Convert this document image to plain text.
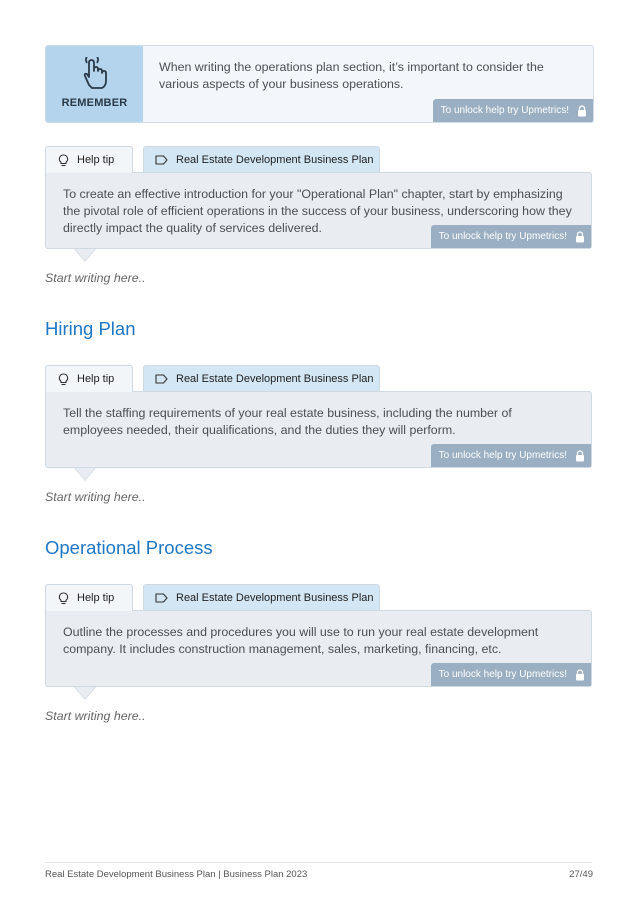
REMEMBER
When writing the operations plan section, it’s important to consider the various aspects of your business operations.
To unlock help try Upmetrics!
Help tip	Real Estate Development Business Plan
To create an effective introduction for your "Operational Plan" chapter, start by emphasizing the pivotal role of efficient operations in the success of your business, underscoring how they directly impact the quality of services delivered.
To unlock help try Upmetrics!
Start writing here..
Hiring Plan
Help tip	Real Estate Development Business Plan
Tell the staffing requirements of your real estate business, including the number of employees needed, their qualifications, and the duties they will perform.
To unlock help try Upmetrics!
Start writing here..
Operational Process
Help tip	Real Estate Development Business Plan
Outline the processes and procedures you will use to run your real estate development company. It includes construction management, sales, marketing, financing, etc.
To unlock help try Upmetrics!
Start writing here..
Real Estate Development Business Plan | Business Plan 2023	27/49
